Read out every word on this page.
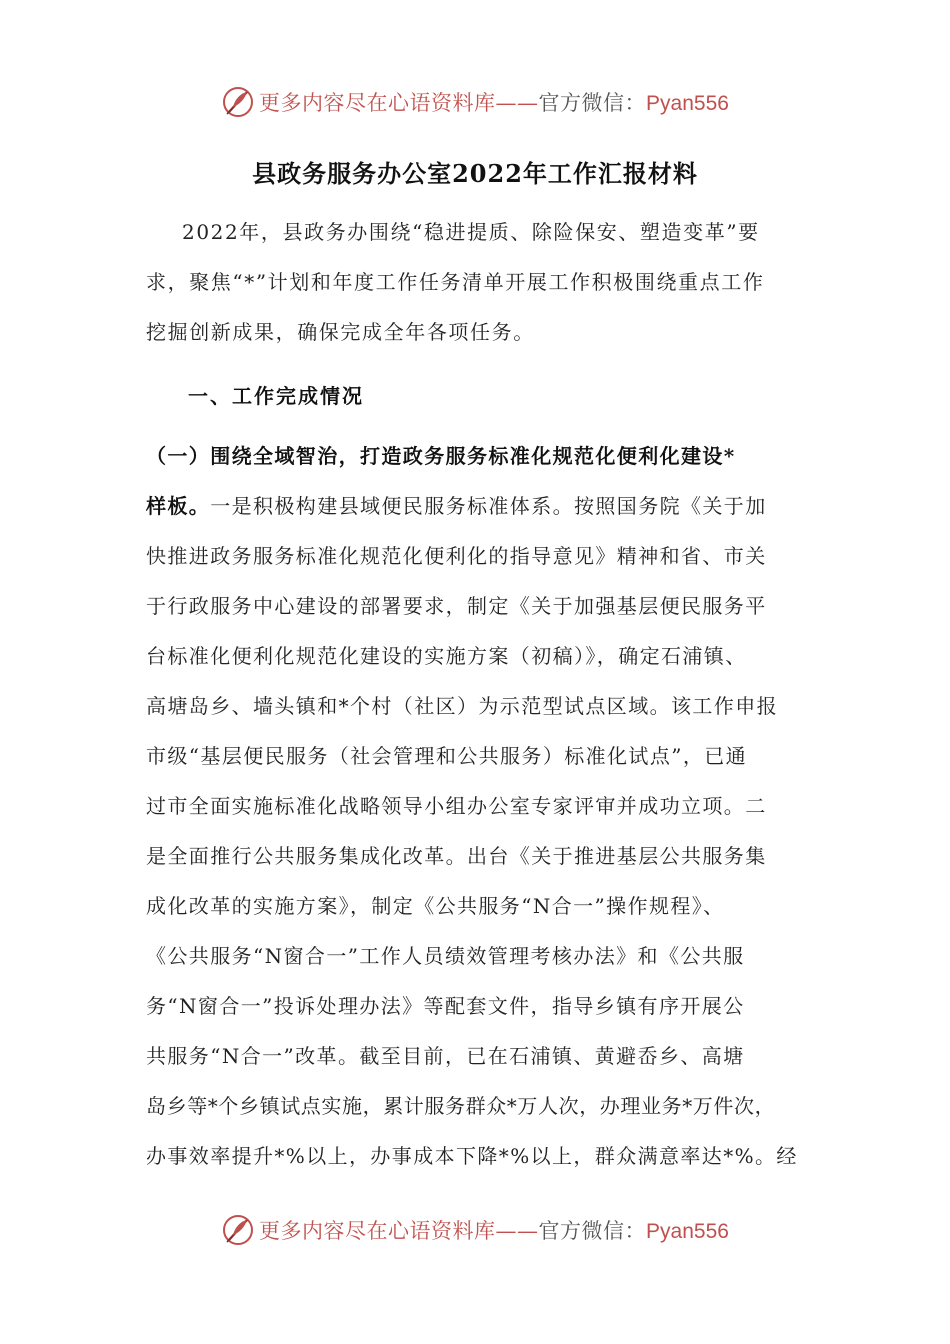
更多内容尽在心语资料库——官方微信：Pyan556
县政务服务办公室2022年工作汇报材料
2022年，县政务办围绕“稳进提质、除险保安、塑造变革”要
求，聚焦“*”计划和年度工作任务清单开展工作积极围绕重点工作
挖掘创新成果，确保完成全年各项任务。
一、工作完成情况
（一）围绕全域智治，打造政务服务标准化规范化便利化建设*
样板。一是积极构建县域便民服务标准体系。按照国务院《关于加
快推进政务服务标准化规范化便利化的指导意见》精神和省、市关
于行政服务中心建设的部署要求，制定《关于加强基层便民服务平
台标准化便利化规范化建设的实施方案（初稿）》，确定石浦镇、
高塘岛乡、墙头镇和*个村（社区）为示范型试点区域。该工作申报
市级“基层便民服务（社会管理和公共服务）标准化试点”，已通
过市全面实施标准化战略领导小组办公室专家评审并成功立项。二
是全面推行公共服务集成化改革。出台《关于推进基层公共服务集
成化改革的实施方案》，制定《公共服务“N合一”操作规程》、
《公共服务“N窗合一”工作人员绩效管理考核办法》和《公共服
务“N窗合一”投诉处理办法》等配套文件，指导乡镇有序开展公
共服务“N合一”改革。截至目前，已在石浦镇、黄避岙乡、高塘
岛乡等*个乡镇试点实施，累计服务群众*万人次，办理业务*万件次，
办事效率提升*%以上，办事成本下降*%以上，群众满意率达*%。经
更多内容尽在心语资料库——官方微信：Pyan556
